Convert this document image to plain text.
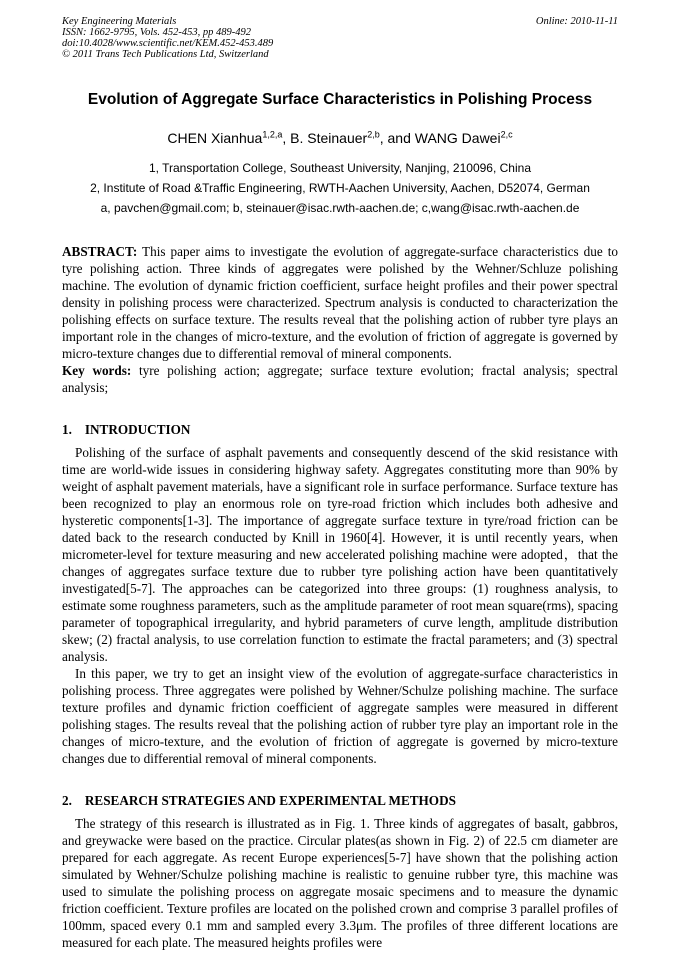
Key Engineering Materials
ISSN: 1662-9795, Vols. 452-453, pp 489-492
doi:10.4028/www.scientific.net/KEM.452-453.489
© 2011 Trans Tech Publications Ltd, Switzerland
Online: 2010-11-11
Evolution of Aggregate Surface Characteristics in Polishing Process
CHEN Xianhua$^{1,2,a}$, B. Steinauer$^{2,b}$, and WANG Dawei$^{2,c}$
1, Transportation College, Southeast University, Nanjing, 210096, China
2, Institute of Road &Traffic Engineering, RWTH-Aachen University, Aachen, D52074, German
a, pavchen@gmail.com; b, steinauer@isac.rwth-aachen.de; c,wang@isac.rwth-aachen.de

ABSTRACT: This paper aims to investigate the evolution of aggregate-surface characteristics due to tyre polishing action. Three kinds of aggregates were polished by the Wehner/Schluze polishing machine. The evolution of dynamic friction coefficient, surface height profiles and their power spectral density in polishing process were characterized. Spectrum analysis is conducted to characterization the polishing effects on surface texture. The results reveal that the polishing action of rubber tyre plays an important role in the changes of micro-texture, and the evolution of friction of aggregate is governed by micro-texture changes due to differential removal of mineral components.

Key words: tyre polishing action; aggregate; surface texture evolution; fractal analysis; spectral analysis;

1. INTRODUCTION

Polishing of the surface of asphalt pavements and consequently descend of the skid resistance with time are world-wide issues in considering highway safety. Aggregates constituting more than 90% by weight of asphalt pavement materials, have a significant role in surface performance. Surface texture has been recognized to play an enormous role on tyre-road friction which includes both adhesive and hysteretic components[1-3]. The importance of aggregate surface texture in tyre/road friction can be dated back to the research conducted by Knill in 1960[4]. However, it is until recently years, when micrometer-level for texture measuring and new accelerated polishing machine were adopted，that the changes of aggregates surface texture due to rubber tyre polishing action have been quantitatively investigated[5-7]. The approaches can be categorized into three groups: (1) roughness analysis, to estimate some roughness parameters, such as the amplitude parameter of root mean square(rms), spacing parameter of topographical irregularity, and hybrid parameters of curve length, amplitude distribution skew; (2) fractal analysis, to use correlation function to estimate the fractal parameters; and (3) spectral analysis.

In this paper, we try to get an insight view of the evolution of aggregate-surface characteristics in polishing process. Three aggregates were polished by Wehner/Schulze polishing machine. The surface texture profiles and dynamic friction coefficient of aggregate samples were measured in different polishing stages. The results reveal that the polishing action of rubber tyre play an important role in the changes of micro-texture, and the evolution of friction of aggregate is governed by micro-texture changes due to differential removal of mineral components.

2. RESEARCH STRATEGIES AND EXPERIMENTAL METHODS

The strategy of this research is illustrated as in Fig. 1. Three kinds of aggregates of basalt, gabbros, and greywacke were based on the practice. Circular plates(as shown in Fig. 2) of 22.5 cm diameter are prepared for each aggregate. As recent Europe experiences[5-7] have shown that the polishing action simulated by Wehner/Schulze polishing machine is realistic to genuine rubber tyre, this machine was used to simulate the polishing process on aggregate mosaic specimens and to measure the dynamic friction coefficient. Texture profiles are located on the polished crown and comprise 3 parallel profiles of 100mm, spaced every 0.1 mm and sampled every 3.3μm. The profiles of three different locations are measured for each plate. The measured heights profiles were
